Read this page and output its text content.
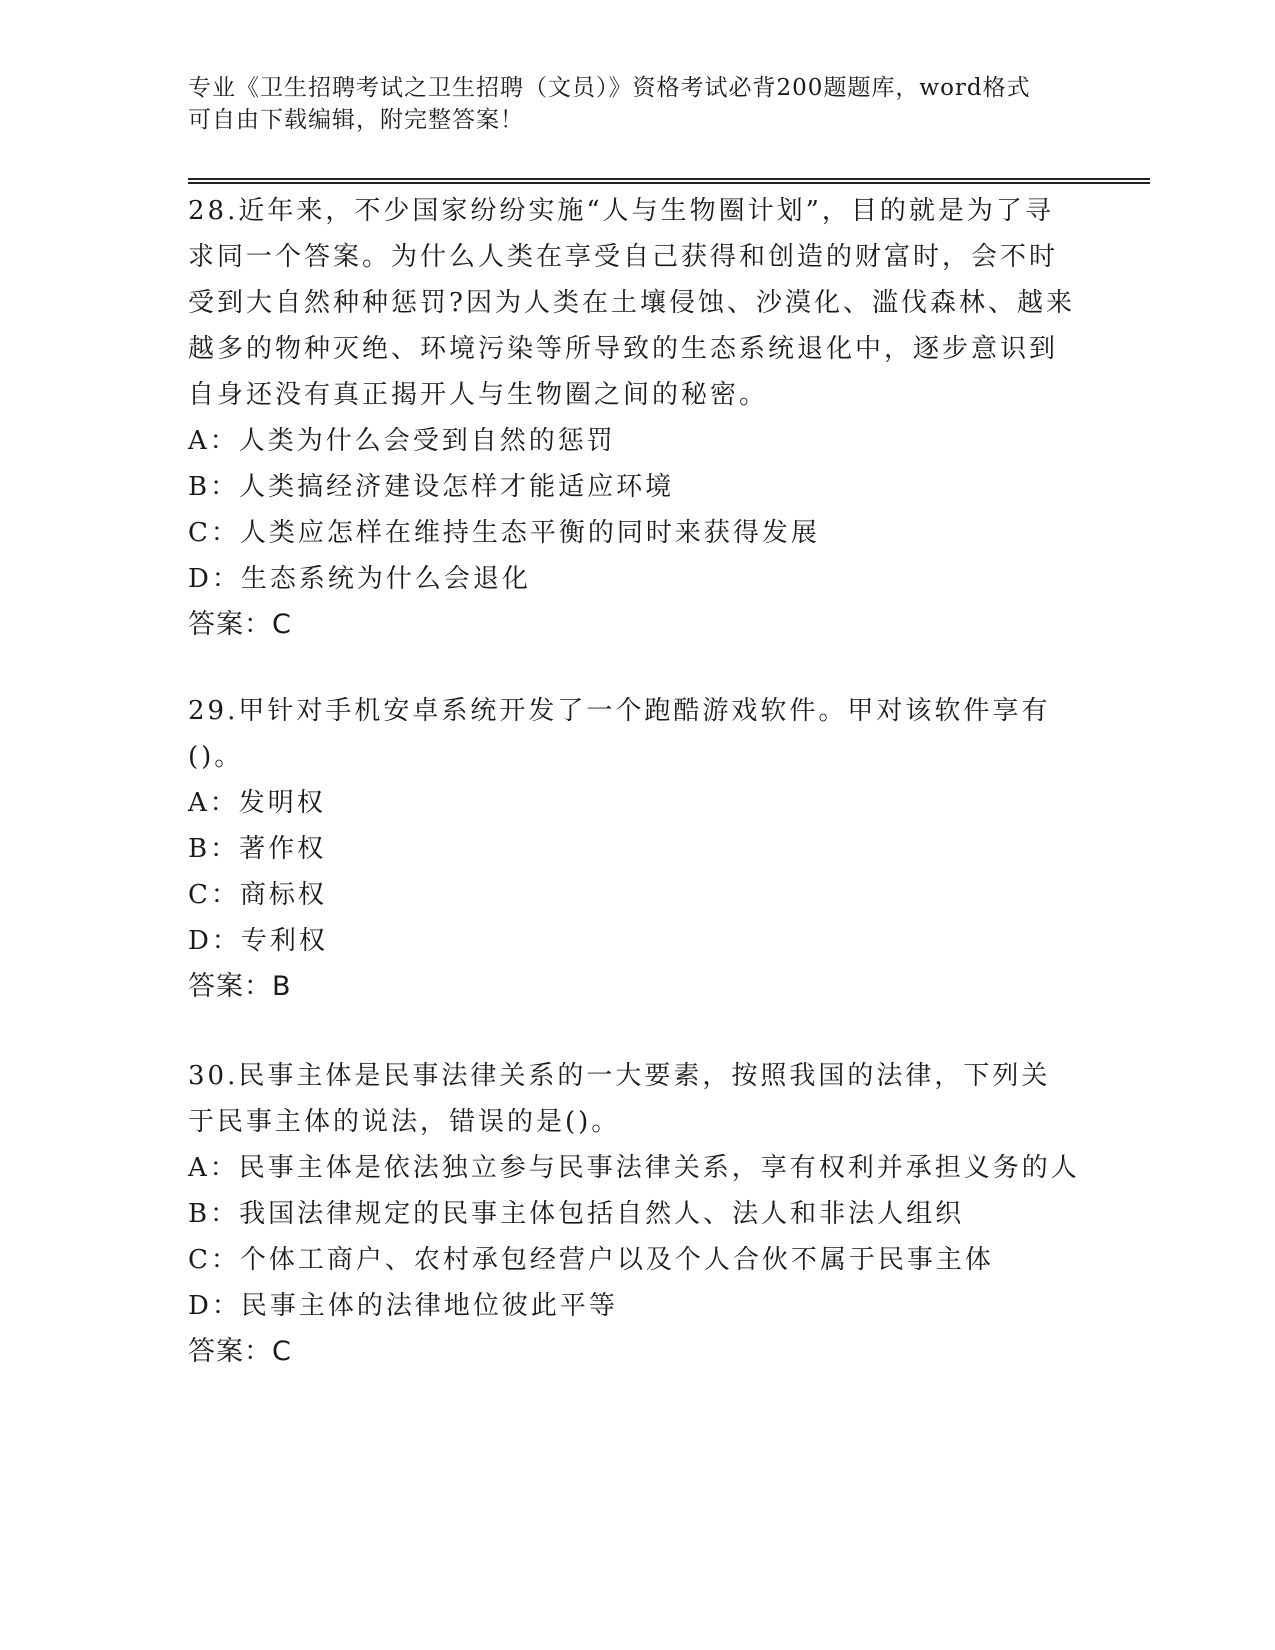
专业《卫生招聘考试之卫生招聘（文员）》资格考试必背200题题库，word格式
可自由下载编辑，附完整答案！
28.近年来，不少国家纷纷实施“人与生物圈计划”，目的就是为了寻求同一个答案。为什么人类在享受自己获得和创造的财富时，会不时受到大自然种种惩罚?因为人类在土壤侵蚀、沙漠化、滥伐森林、越来越多的物种灭绝、环境污染等所导致的生态系统退化中，逐步意识到自身还没有真正揭开人与生物圈之间的秘密。
A：人类为什么会受到自然的惩罚
B：人类搞经济建设怎样才能适应环境
C：人类应怎样在维持生态平衡的同时来获得发展
D：生态系统为什么会退化
答案：C
29.甲针对手机安卓系统开发了一个跑酷游戏软件。甲对该软件享有()。
A：发明权
B：著作权
C：商标权
D：专利权
答案：B
30.民事主体是民事法律关系的一大要素，按照我国的法律，下列关于民事主体的说法，错误的是()。
A：民事主体是依法独立参与民事法律关系，享有权利并承担义务的人
B：我国法律规定的民事主体包括自然人、法人和非法人组织
C：个体工商户、农村承包经营户以及个人合伙不属于民事主体
D：民事主体的法律地位彼此平等
答案：C
